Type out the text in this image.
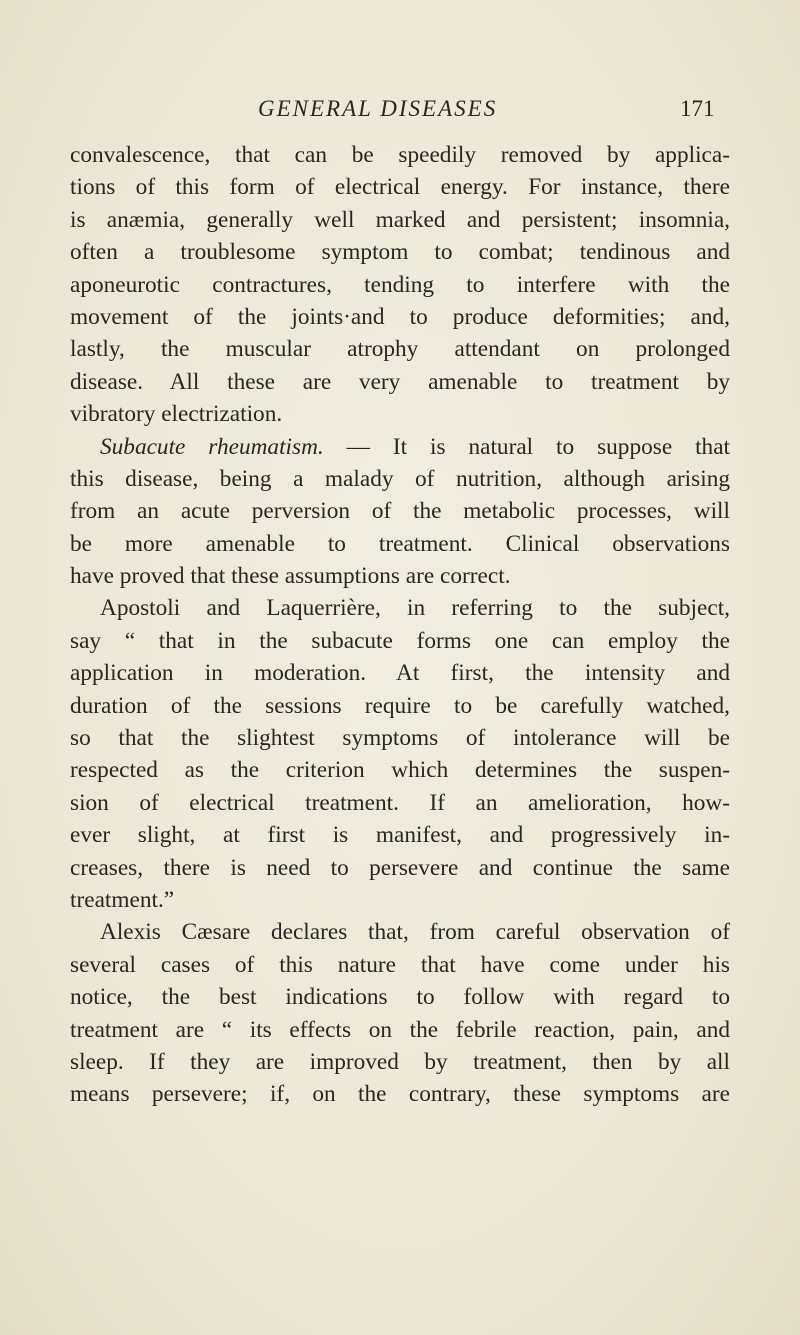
GENERAL DISEASES	171
convalescence, that can be speedily removed by applica-
tions of this form of electrical energy. For instance, there
is anæmia, generally well marked and persistent; insomnia,
often a troublesome symptom to combat; tendinous and
aponeurotic contractures, tending to interfere with the
movement of the joints·and to produce deformities; and,
lastly, the muscular atrophy attendant on prolonged
disease. All these are very amenable to treatment by
vibratory electrization.
Subacute rheumatism. — It is natural to suppose that
this disease, being a malady of nutrition, although arising
from an acute perversion of the metabolic processes, will
be more amenable to treatment. Clinical observations
have proved that these assumptions are correct.
Apostoli and Laquerrière, in referring to the subject,
say “ that in the subacute forms one can employ the
application in moderation. At first, the intensity and
duration of the sessions require to be carefully watched,
so that the slightest symptoms of intolerance will be
respected as the criterion which determines the suspen-
sion of electrical treatment. If an amelioration, how-
ever slight, at first is manifest, and progressively in-
creases, there is need to persevere and continue the same
treatment.”
Alexis Cæsare declares that, from careful observation of
several cases of this nature that have come under his
notice, the best indications to follow with regard to
treatment are “ its effects on the febrile reaction, pain, and
sleep. If they are improved by treatment, then by all
means persevere; if, on the contrary, these symptoms are
